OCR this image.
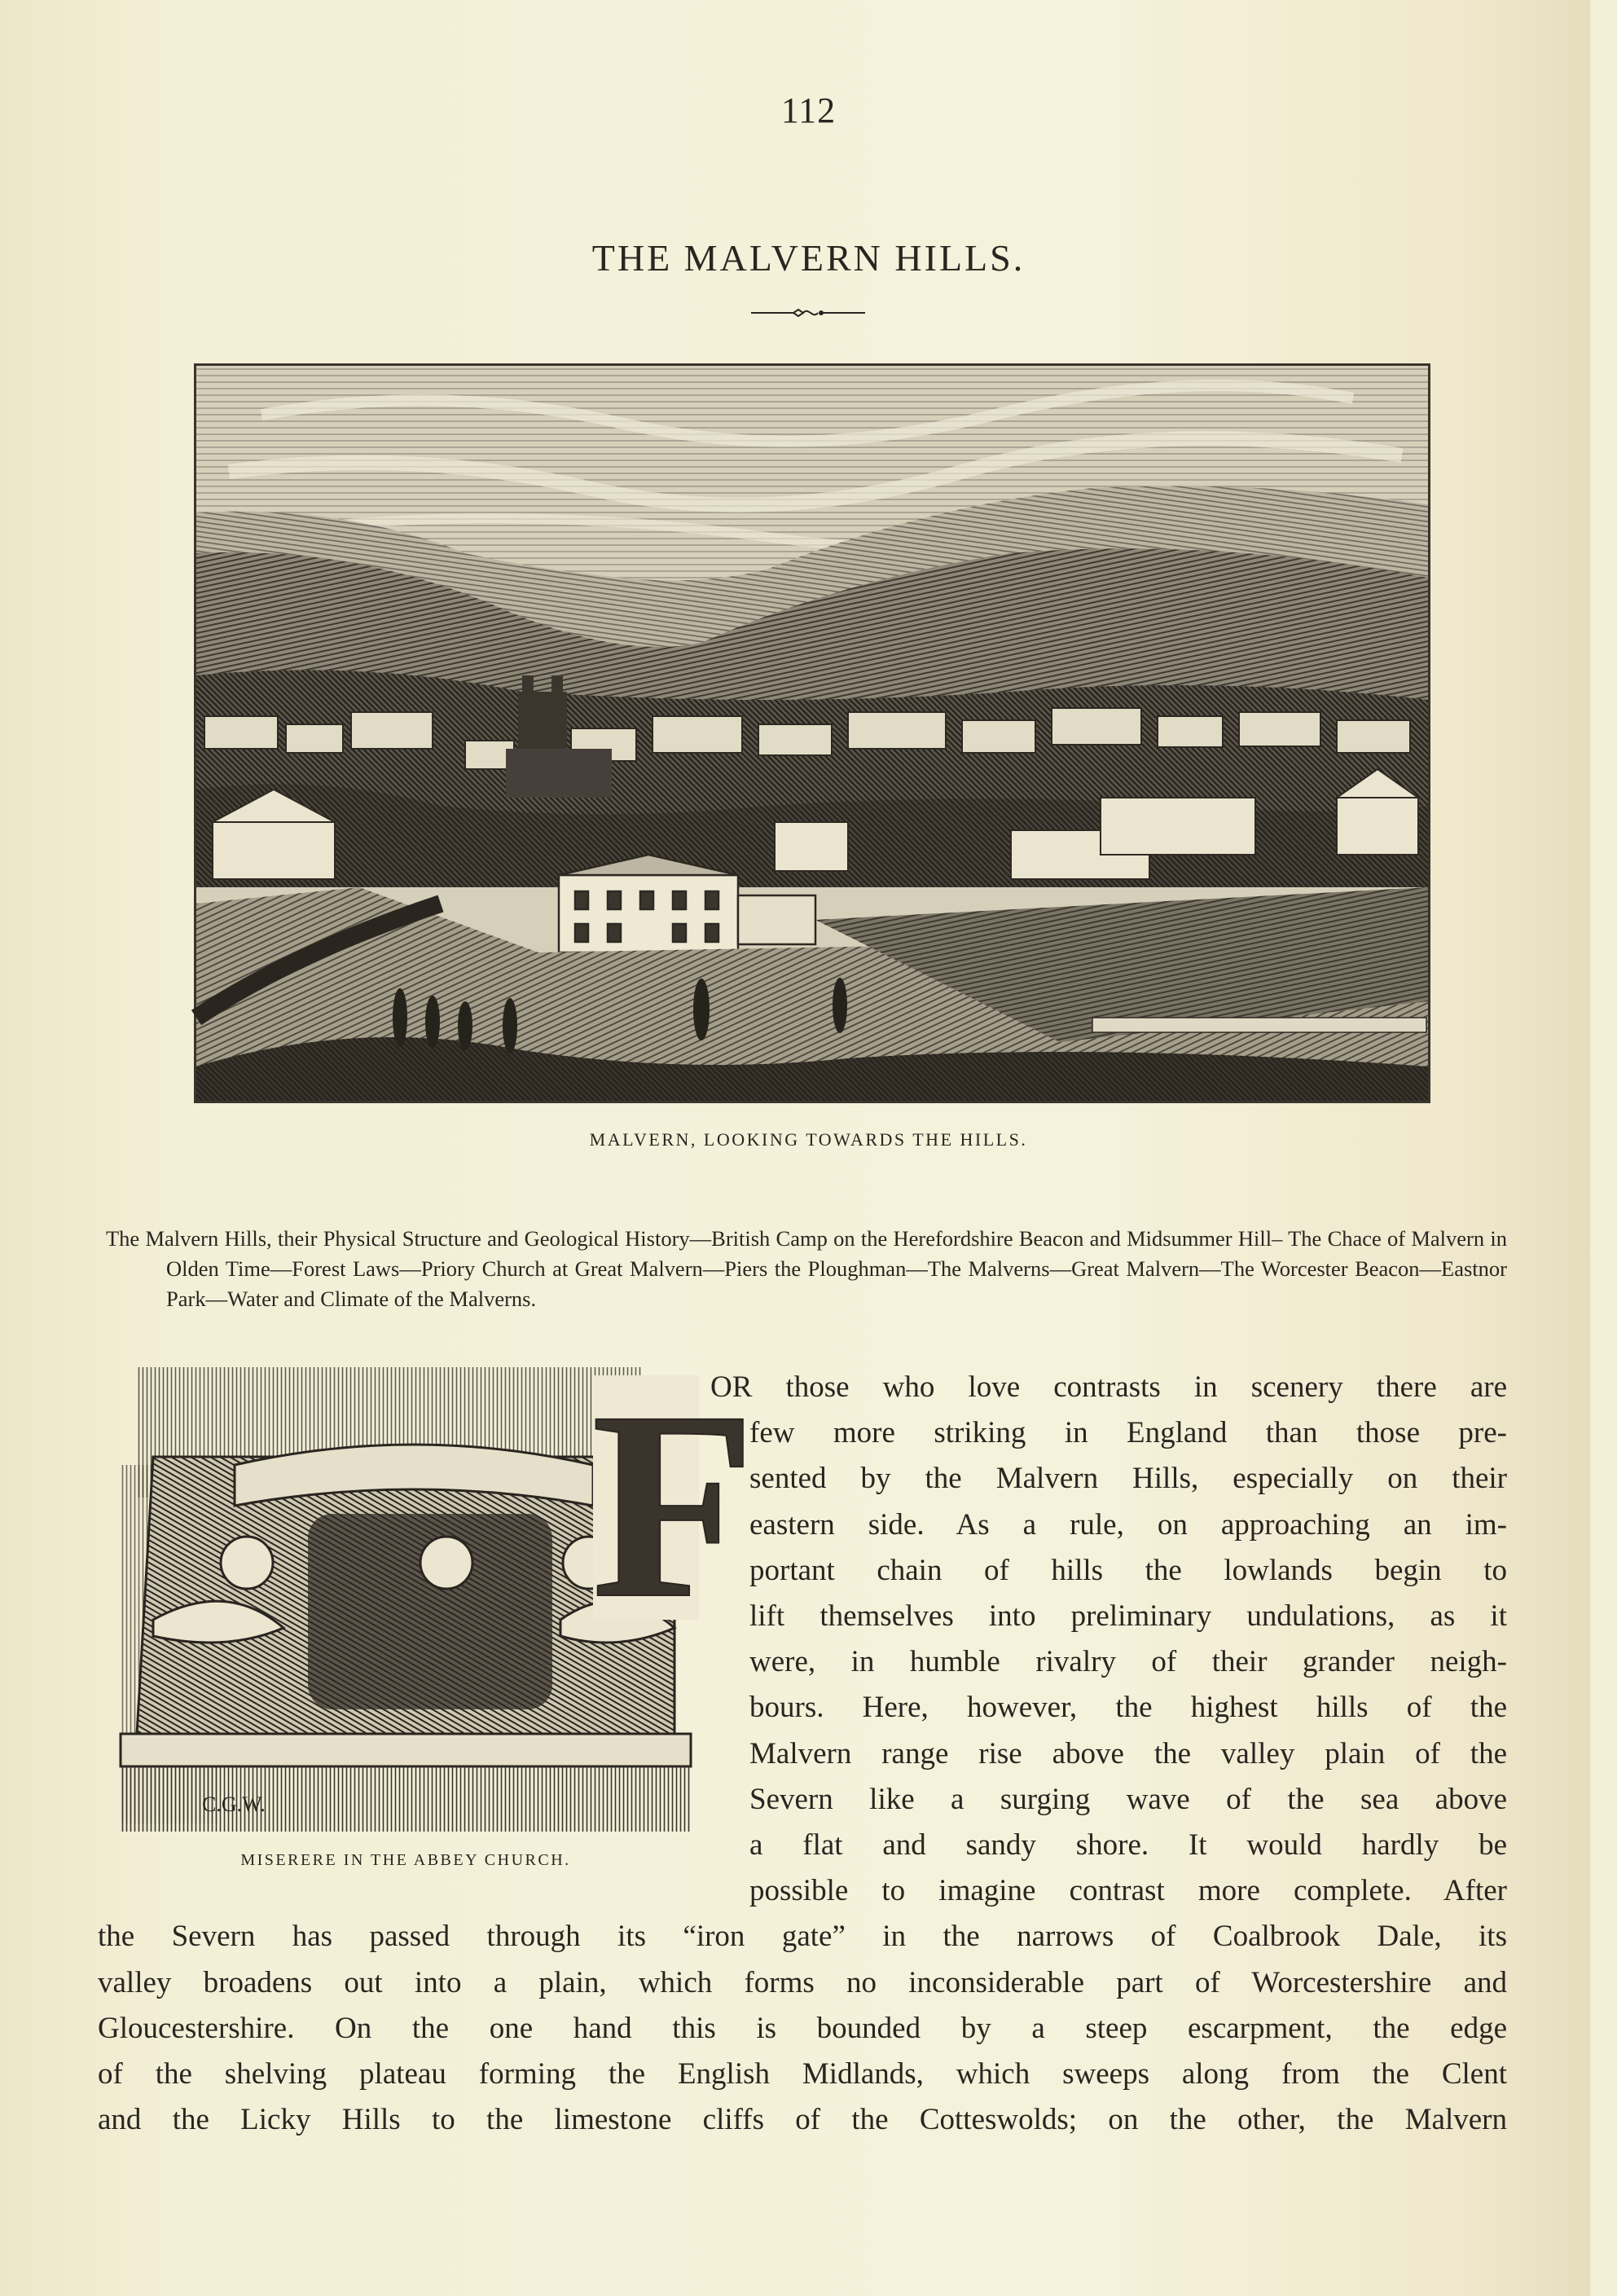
112
THE MALVERN HILLS.
MALVERN, LOOKING TOWARDS THE HILLS.
The Malvern Hills, their Physical Structure and Geological History—British Camp on the Herefordshire Beacon and Midsummer Hill– The Chace of Malvern in Olden Time—Forest Laws—Priory Church at Great Malvern—Piers the Ploughman—The Malverns—Great Malvern—The Worcester Beacon—Eastnor Park—Water and Climate of the Malverns.
C.G.W.
F
MISERERE IN THE ABBEY CHURCH.
OR those who love contrasts in scenery there are
few more striking in England than those pre-
sented by the Malvern Hills, especially on their
eastern side. As a rule, on approaching an im-
portant chain of hills the lowlands begin to
lift themselves into preliminary undulations, as it
were, in humble rivalry of their grander neigh-
bours. Here, however, the highest hills of the
Malvern range rise above the valley plain of the
Severn like a surging wave of the sea above
a flat and sandy shore. It would hardly be
possible to imagine contrast more complete. After
the Severn has passed through its “iron gate” in the narrows of Coalbrook Dale, its
valley broadens out into a plain, which forms no inconsiderable part of Worcestershire and
Gloucestershire. On the one hand this is bounded by a steep escarpment, the edge
of the shelving plateau forming the English Midlands, which sweeps along from the Clent
and the Licky Hills to the limestone cliffs of the Cotteswolds; on the other, the Malvern
